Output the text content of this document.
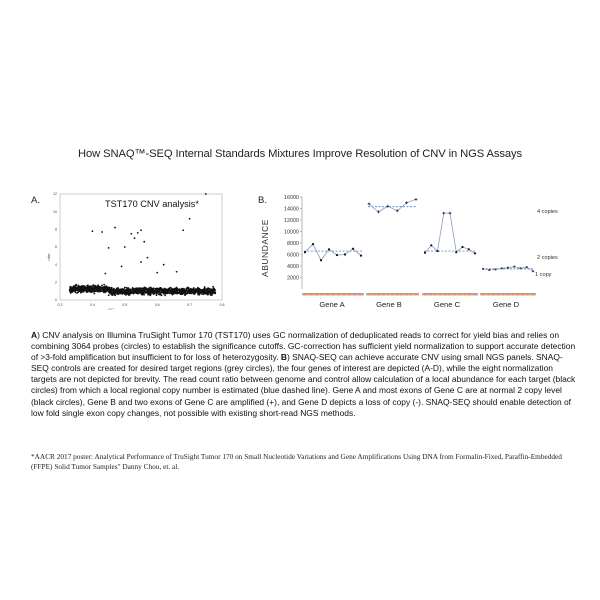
How SNAQ™-SEQ Internal Standards Mixtures Improve Resolution of CNV in NGS Assays
A.	B.
0.3	0.4	0.5	0.6	0.7	0.8
0
2
4
6
8
10
12
GC
ratio
TST170 CNV analysis*
2000
4000
6000
8000
10000
12000
14000
16000
ABUNDANCE
Gene A	Gene B	Gene C	Gene D
4 copies
2 copies
1 copy
A) CNV analysis on Illumina TruSight Tumor 170 (TST170) uses GC normalization of deduplicated reads to correct for yield bias and relies on combining 3064 probes (circles) to establish the significance cutoffs. GC-correction has sufficient yield normalization to support accurate detection of >3-fold amplification but insufficient to for loss of heterozygosity. B) SNAQ-SEQ can achieve accurate CNV using small NGS panels. SNAQ-SEQ controls are created for desired target regions (grey circles), the four genes of interest are depicted (A-D), while the eight normalization targets are not depicted for brevity. The read count ratio between genome and control allow calculation of a local abundance for each target (black circles) from which a local regional copy number is estimated (blue dashed line). Gene A and most exons of Gene C are at normal 2 copy level (black circles), Gene B and two exons of Gene C are amplified (+), and Gene D depicts a loss of copy (-). SNAQ-SEQ should enable detection of low fold single exon copy changes, not possible with existing short-read NGS methods.
*AACR 2017 poster: Analytical Performance of TruSight Tumor 170 on Small Nucleotide Variations and Gene Amplifications Using DNA from Formalin-Fixed, Paraffin-Embedded (FFPE) Solid Tumor Samples" Danny Chou, et. al.
